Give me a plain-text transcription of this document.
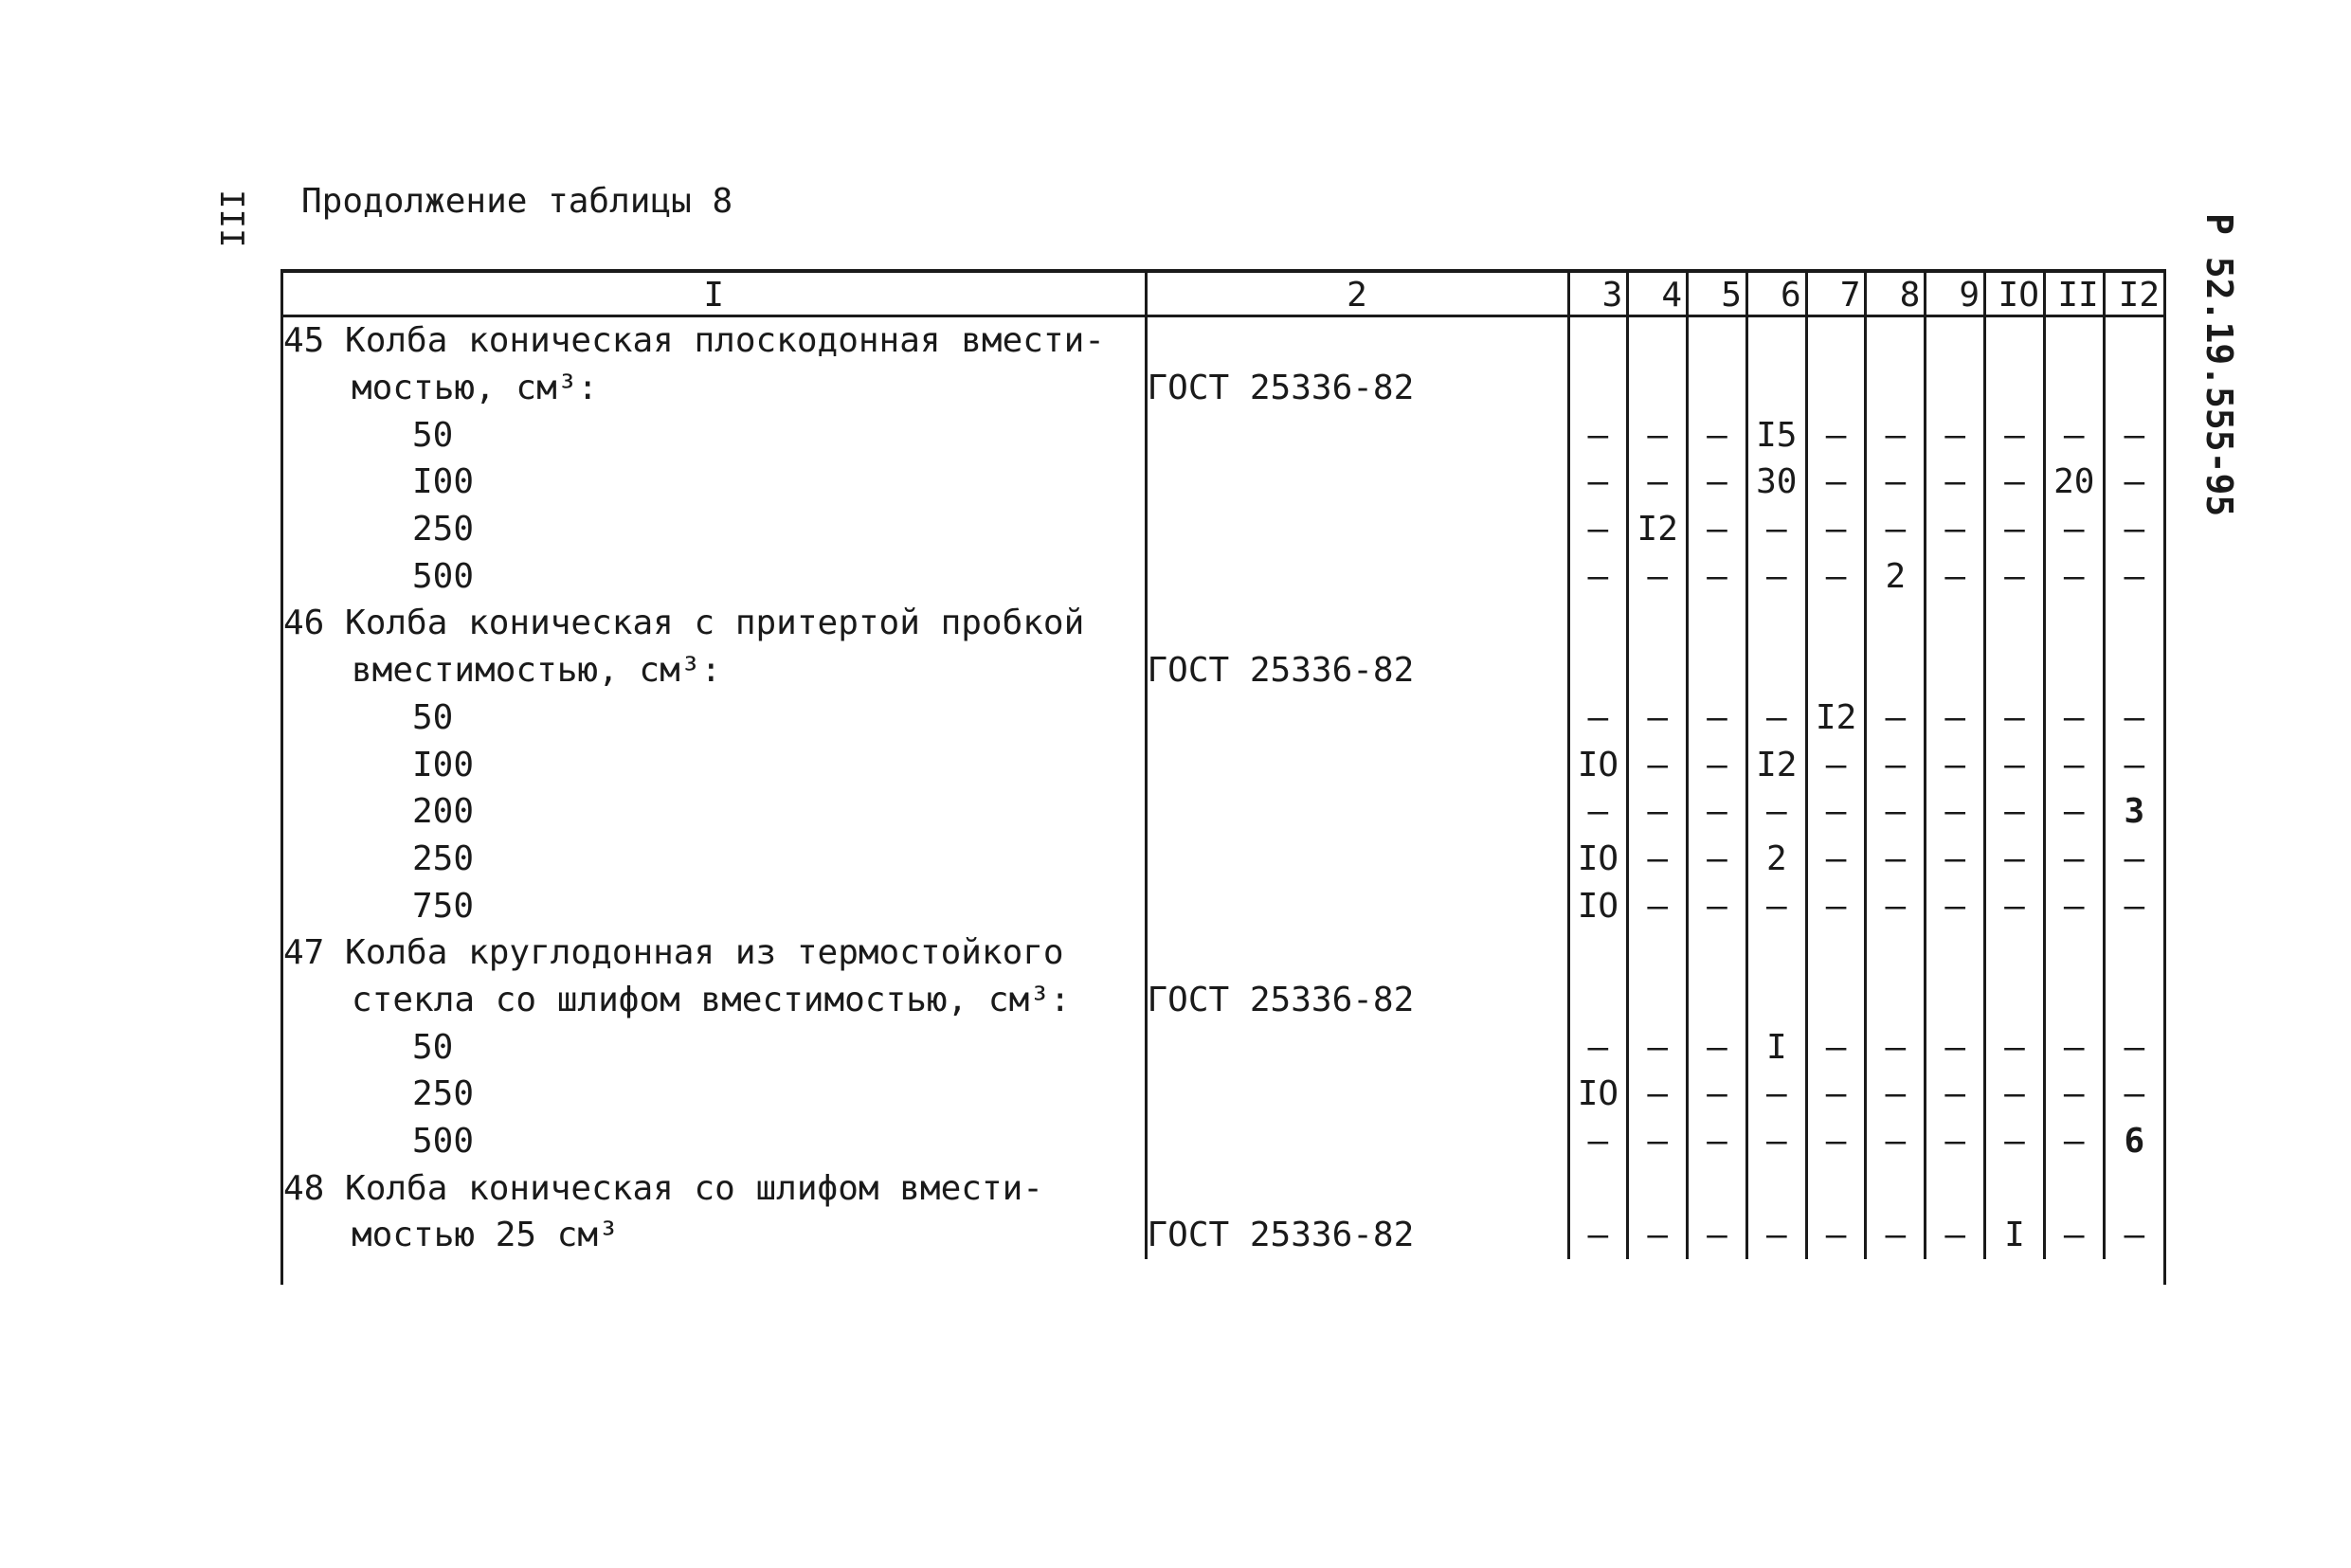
III	Р 52.19.555-95
Продолжение таблицы 8
I	2	3	4	5	6	7	8	9	IO	II	I2
45 Колба коническая плоскодонная вмести-											
мостью, см³:	ГОСТ 25336-82										
50		–	–	–	I5	–	–	–	–	–	–
I00		–	–	–	30	–	–	–	–	20	–
250		–	I2	–	–	–	–	–	–	–	–
500		–	–	–	–	–	2	–	–	–	–
46 Колба коническая с притертой пробкой											
вместимостью, см³:	ГОСТ 25336-82										
50		–	–	–	–	I2	–	–	–	–	–
I00		IO	–	–	I2	–	–	–	–	–	–
200		–	–	–	–	–	–	–	–	–	3
250		IO	–	–	2	–	–	–	–	–	–
750		IO	–	–	–	–	–	–	–	–	–
47 Колба круглодонная из термостойкого											
стекла со шлифом вместимостью, см³:	ГОСТ 25336-82										
50		–	–	–	I	–	–	–	–	–	–
250		IO	–	–	–	–	–	–	–	–	–
500		–	–	–	–	–	–	–	–	–	6
48 Колба коническая со шлифом вмести-											
мостью 25 см³	ГОСТ 25336-82	–	–	–	–	–	–	–	I	–	–
